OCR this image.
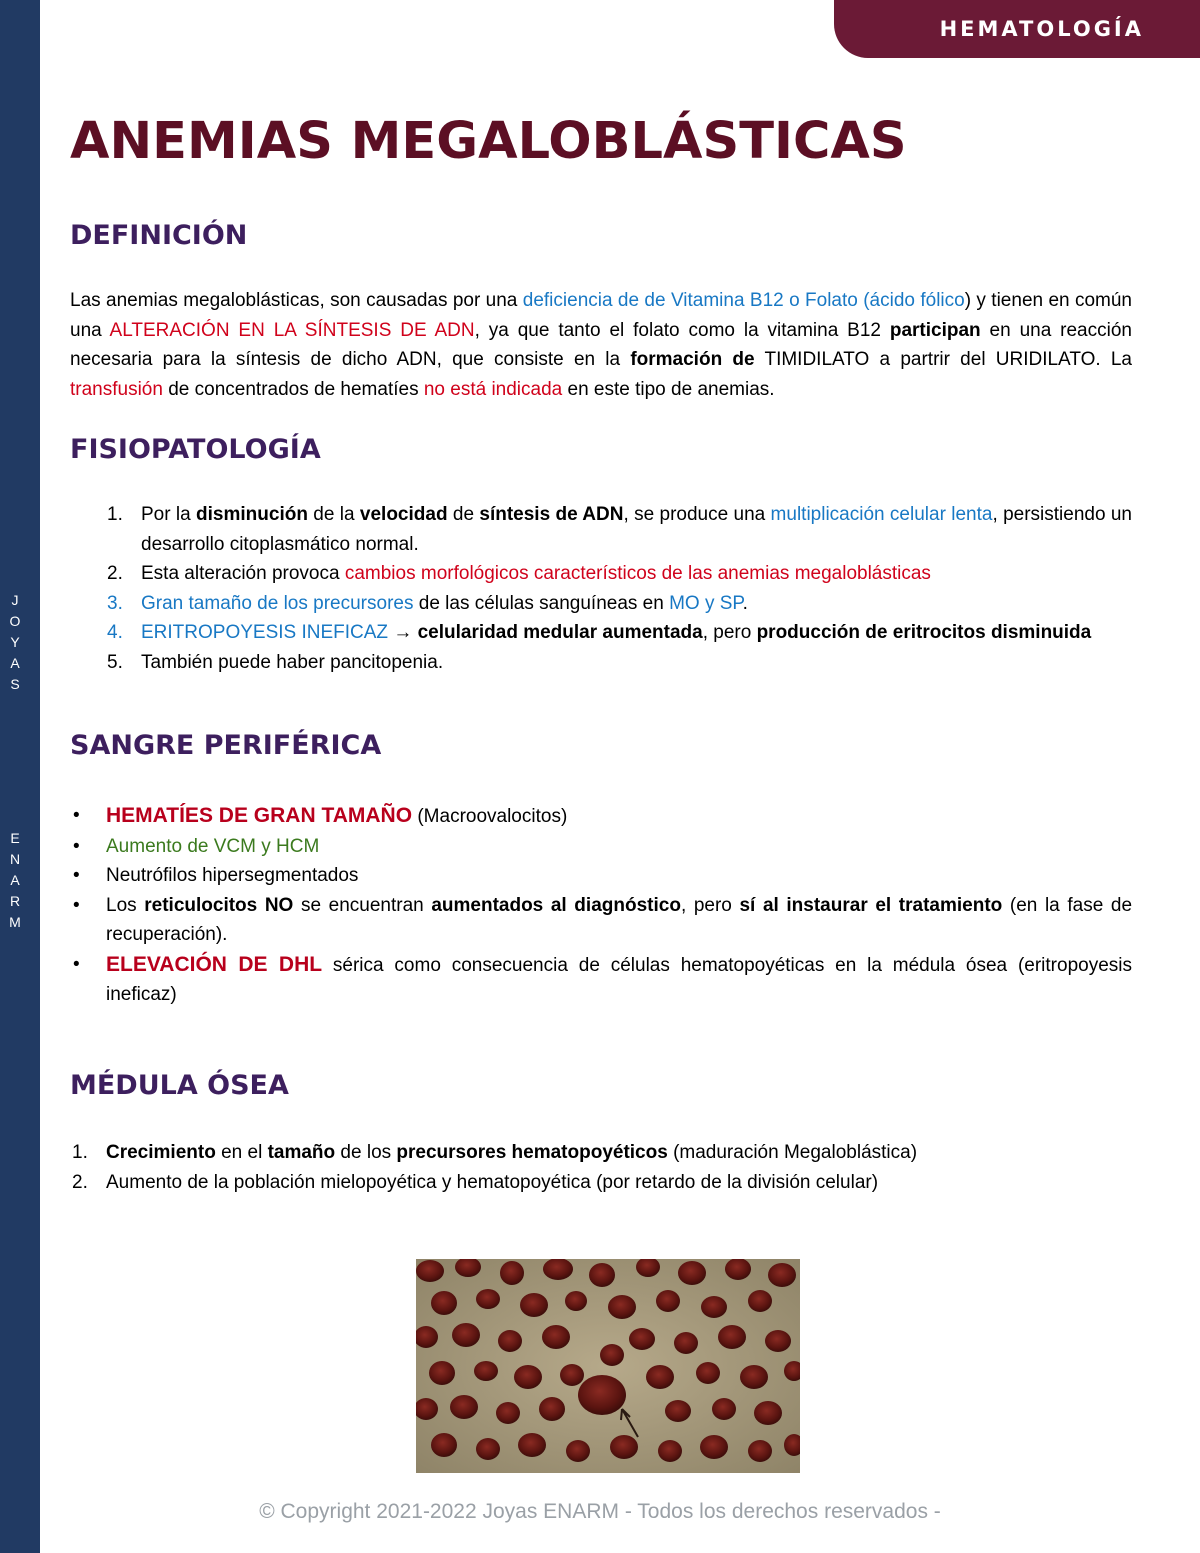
J
O
Y
A
S
E
N
A
R
M
HEMATOLOGÍA
ANEMIAS MEGALOBLÁSTICAS
DEFINICIÓN

Las anemias megaloblásticas, son causadas por una deficiencia de de Vitamina B12 o Folato (ácido fólico) y tienen en común una ALTERACIÓN EN LA SÍNTESIS DE ADN, ya que tanto el folato como la vitamina B12 participan en una reacción necesaria para la síntesis de dicho ADN, que consiste en la formación de TIMIDILATO a partrir del URIDILATO. La transfusión de concentrados de hematíes no está indicada en este tipo de anemias.

FISIOPATOLOGÍA
1. Por la disminución de la velocidad de síntesis de ADN, se produce una multiplicación celular lenta, persistiendo un desarrollo citoplasmático normal.
2. Esta alteración provoca cambios morfológicos característicos de las anemias megaloblásticas
3. Gran tamaño de los precursores de las células sanguíneas en MO y SP.
4. ERITROPOYESIS INEFICAZ → celularidad medular aumentada, pero producción de eritrocitos disminuida
5. También puede haber pancitopenia.
SANGRE PERIFÉRICA
• HEMATÍES DE GRAN TAMAÑO (Macroovalocitos)
• Aumento de VCM y HCM
• Neutrófilos hipersegmentados
• Los reticulocitos NO se encuentran aumentados al diagnóstico, pero sí al instaurar el tratamiento (en la fase de recuperación).
• ELEVACIÓN DE DHL sérica como consecuencia de células hematopoyéticas en la médula ósea (eritropoyesis ineficaz)
MÉDULA ÓSEA
1. Crecimiento en el tamaño de los precursores hematopoyéticos (maduración Megaloblástica)
2. Aumento de la población mielopoyética y hematopoyética (por retardo de la división celular)
© Copyright 2021-2022 Joyas ENARM - Todos los derechos reservados -
